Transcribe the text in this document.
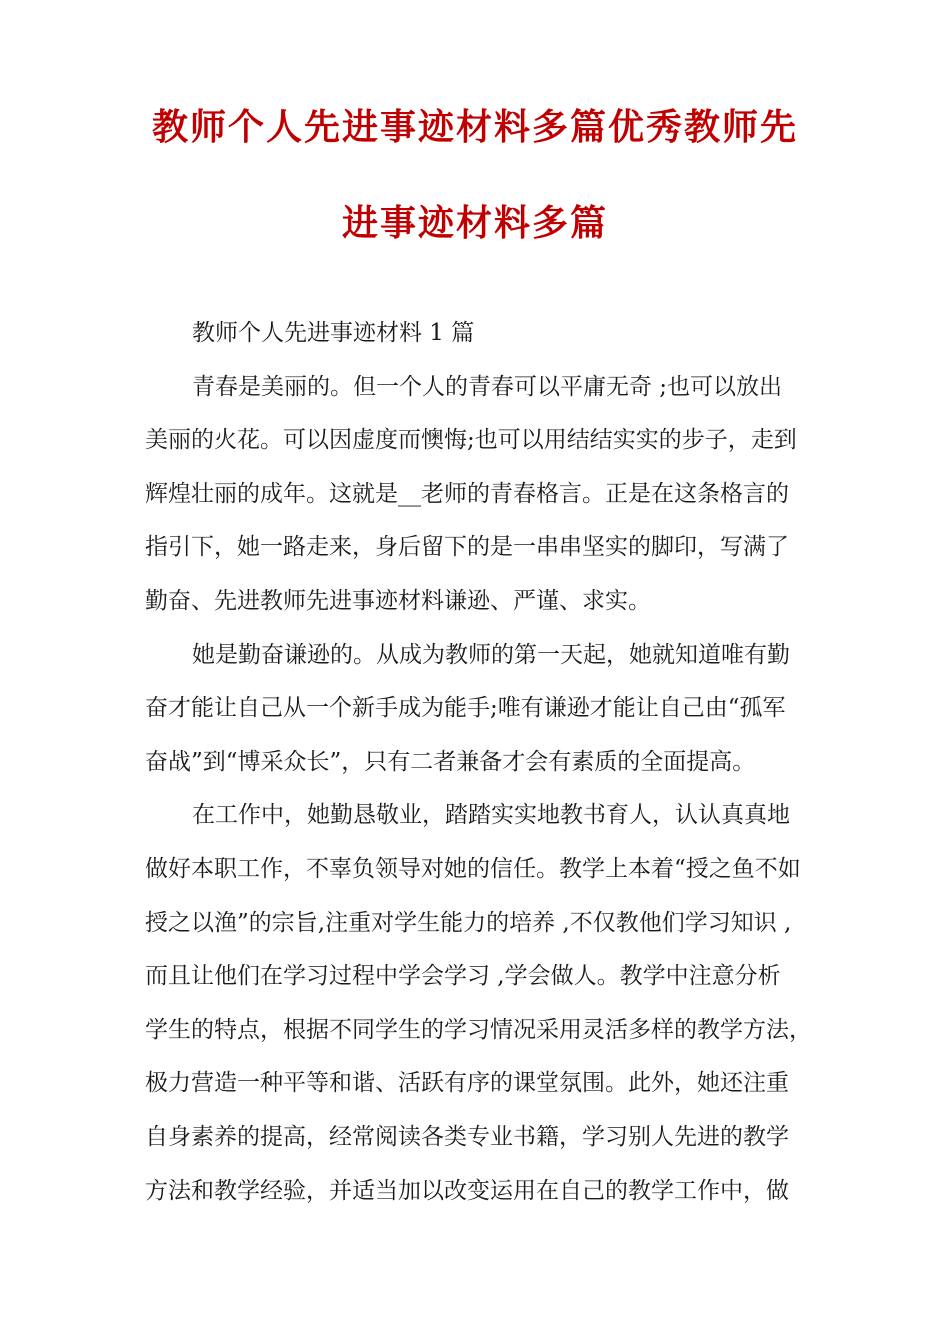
教师个人先进事迹材料多篇优秀教师先
进事迹材料多篇
教师个人先进事迹材料 1 篇
青春是美丽的。但一个人的青春可以平庸无奇 ;也可以放出
美丽的火花。可以因虚度而懊悔;也可以用结结实实的步子，走到
辉煌壮丽的成年。这就是__老师的青春格言。正是在这条格言的
指引下，她一路走来，身后留下的是一串串坚实的脚印，写满了
勤奋、先进教师先进事迹材料谦逊、严谨、求实。
她是勤奋谦逊的。从成为教师的第一天起，她就知道唯有勤
奋才能让自己从一个新手成为能手;唯有谦逊才能让自己由“孤军
奋战”到“博采众长”，只有二者兼备才会有素质的全面提高。
在工作中，她勤恳敬业，踏踏实实地教书育人，认认真真地
做好本职工作，不辜负领导对她的信任。教学上本着“授之鱼不如
授之以渔”的宗旨,注重对学生能力的培养 ,不仅教他们学习知识 ,
而且让他们在学习过程中学会学习 ,学会做人。教学中注意分析
学生的特点，根据不同学生的学习情况采用灵活多样的教学方法，
极力营造一种平等和谐、活跃有序的课堂氛围。此外，她还注重
自身素养的提高，经常阅读各类专业书籍，学习别人先进的教学
方法和教学经验，并适当加以改变运用在自己的教学工作中，做
